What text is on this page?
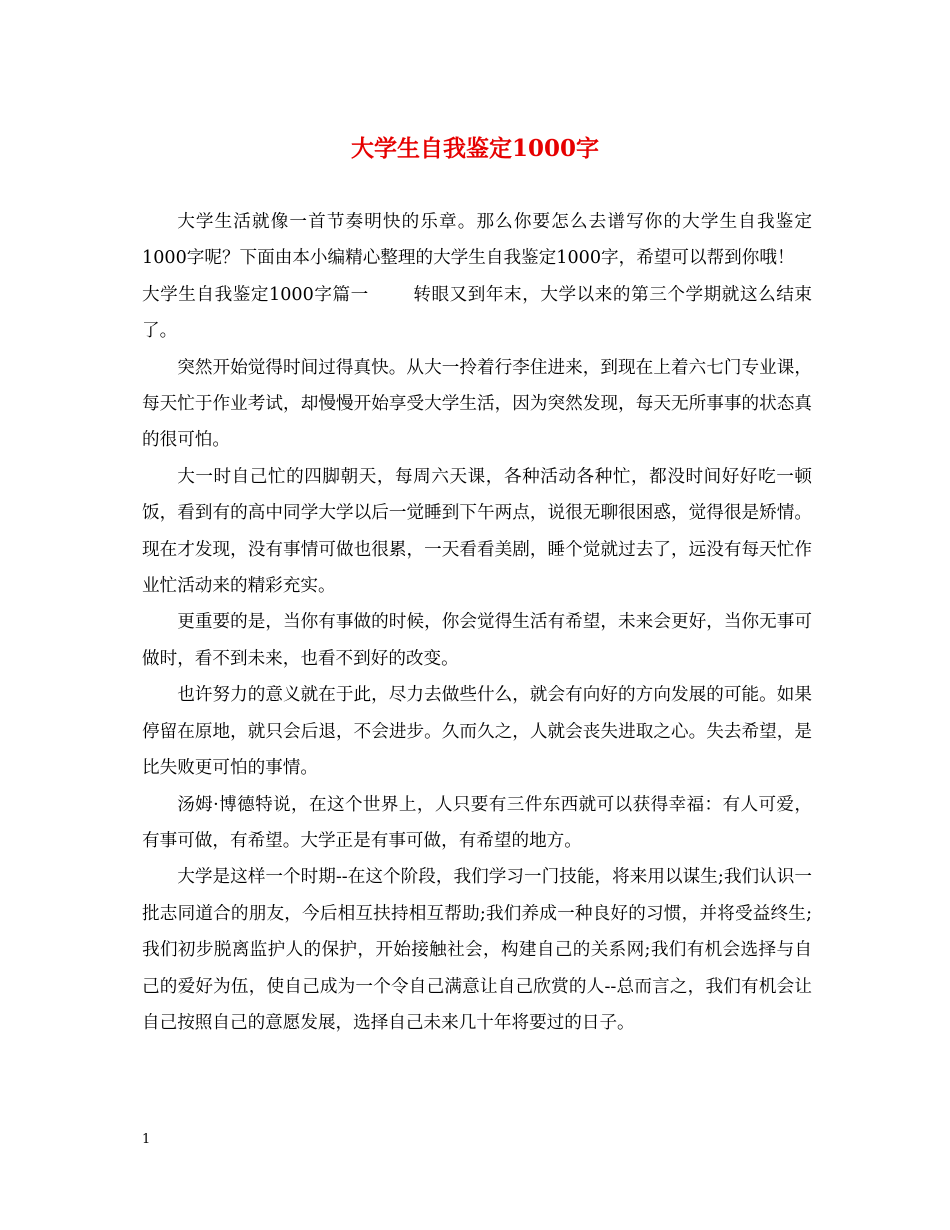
大学生自我鉴定1000字

大学生活就像一首节奏明快的乐章。那么你要怎么去谱写你的大学生自我鉴定1000字呢？下面由本小编精心整理的大学生自我鉴定1000字，希望可以帮到你哦！

大学生自我鉴定1000字篇一	转眼又到年末，大学以来的第三个学期就这么结束了。

突然开始觉得时间过得真快。从大一拎着行李住进来，到现在上着六七门专业课，每天忙于作业考试，却慢慢开始享受大学生活，因为突然发现，每天无所事事的状态真的很可怕。

大一时自己忙的四脚朝天，每周六天课，各种活动各种忙，都没时间好好吃一顿饭，看到有的高中同学大学以后一觉睡到下午两点，说很无聊很困惑，觉得很是矫情。现在才发现，没有事情可做也很累，一天看看美剧，睡个觉就过去了，远没有每天忙作业忙活动来的精彩充实。

更重要的是，当你有事做的时候，你会觉得生活有希望，未来会更好，当你无事可做时，看不到未来，也看不到好的改变。

也许努力的意义就在于此，尽力去做些什么，就会有向好的方向发展的可能。如果停留在原地，就只会后退，不会进步。久而久之，人就会丧失进取之心。失去希望，是比失败更可怕的事情。

汤姆·博德特说，在这个世界上，人只要有三件东西就可以获得幸福：有人可爱，有事可做，有希望。大学正是有事可做，有希望的地方。

大学是这样一个时期--在这个阶段，我们学习一门技能，将来用以谋生;我们认识一批志同道合的朋友，今后相互扶持相互帮助;我们养成一种良好的习惯，并将受益终生;我们初步脱离监护人的保护，开始接触社会，构建自己的关系网;我们有机会选择与自己的爱好为伍，使自己成为一个令自己满意让自己欣赏的人--总而言之，我们有机会让自己按照自己的意愿发展，选择自己未来几十年将要过的日子。

1
